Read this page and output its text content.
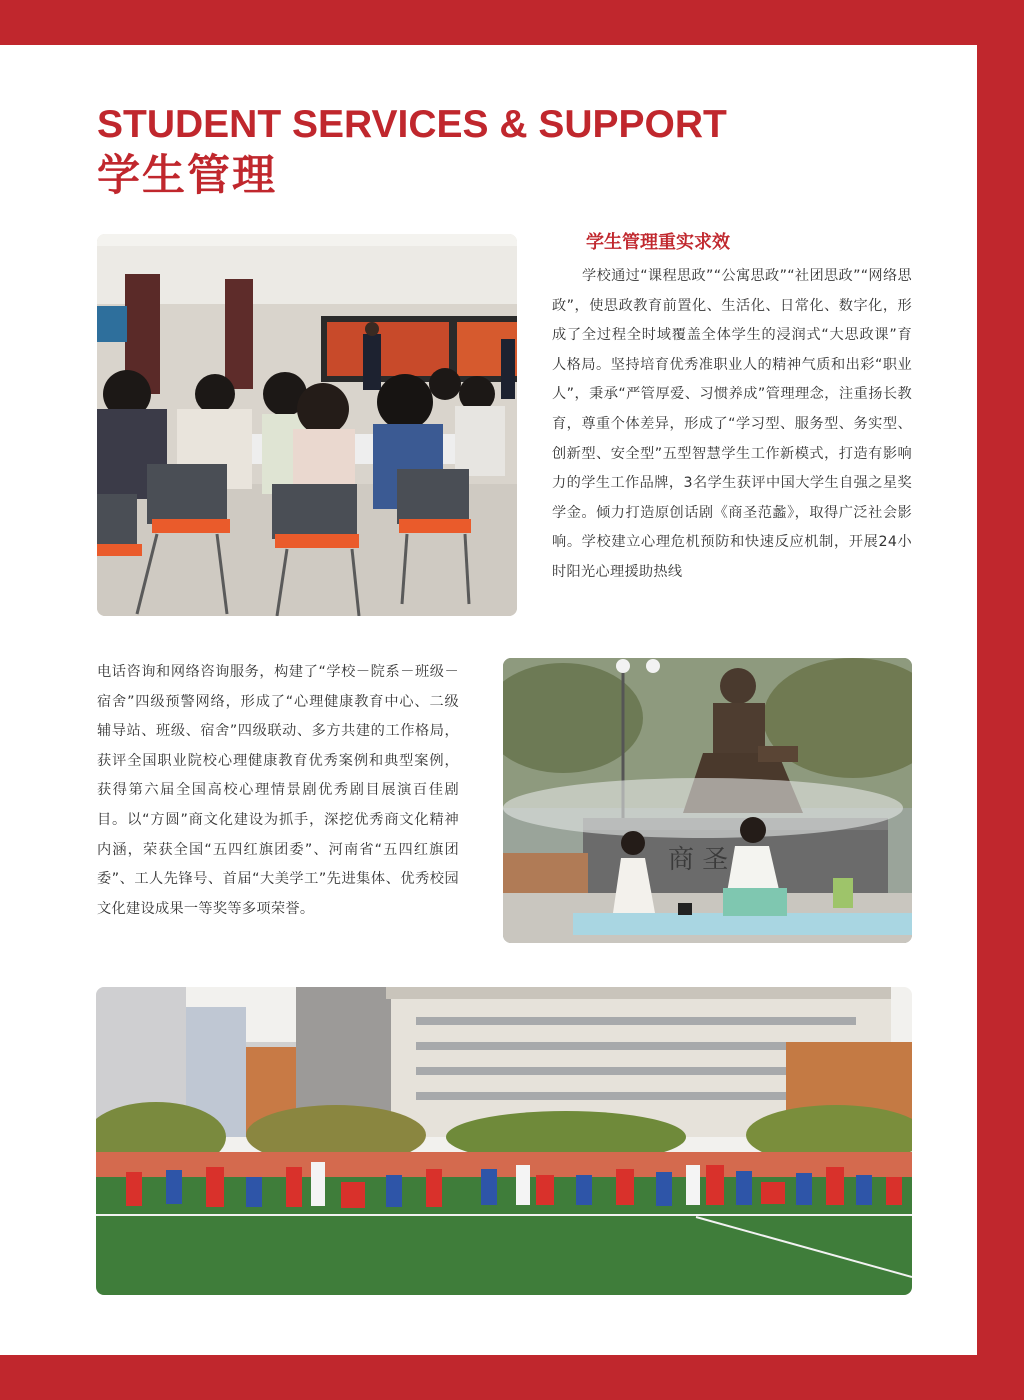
STUDENT SERVICES & SUPPORT
学生管理
学生管理重实求效
学校通过“课程思政”“公寓思政”“社团思政”“网络思政”，使思政教育前置化、生活化、日常化、数字化，形成了全过程全时域覆盖全体学生的浸润式“大思政课”育人格局。坚持培育优秀准职业人的精神气质和出彩“职业人”，秉承“严管厚爱、习惯养成”管理理念，注重扬长教育，尊重个体差异，形成了“学习型、服务型、务实型、创新型、安全型”五型智慧学生工作新模式，打造有影响力的学生工作品牌，3名学生获评中国大学生自强之星奖学金。倾力打造原创话剧《商圣范蠡》，取得广泛社会影响。学校建立心理危机预防和快速反应机制，开展24小时阳光心理援助热线
电话咨询和网络咨询服务，构建了“学校－院系－班级－宿舍”四级预警网络，形成了“心理健康教育中心、二级辅导站、班级、宿舍”四级联动、多方共建的工作格局，获评全国职业院校心理健康教育优秀案例和典型案例，获得第六届全国高校心理情景剧优秀剧目展演百佳剧目。以“方圆”商文化建设为抓手，深挖优秀商文化精神内涵，荣获全国“五四红旗团委”、河南省“五四红旗团委”、工人先锋号、首届“大美学工”先进集体、优秀校园文化建设成果一等奖等多项荣誉。
商 圣
